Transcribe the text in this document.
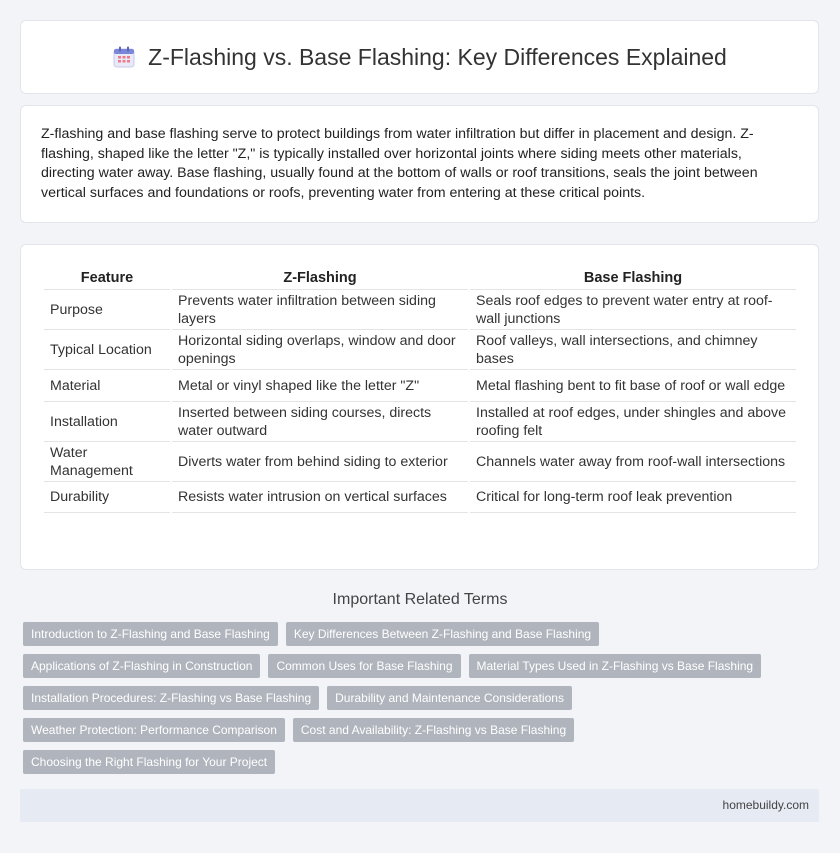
Z-Flashing vs. Base Flashing: Key Differences Explained

Z-flashing and base flashing serve to protect buildings from water infiltration but differ in placement and design. Z-flashing, shaped like the letter "Z," is typically installed over horizontal joints where siding meets other materials, directing water away. Base flashing, usually found at the bottom of walls or roof transitions, seals the joint between vertical surfaces and foundations or roofs, preventing water from entering at these critical points.

Feature	Z-Flashing	Base Flashing
Purpose	Prevents water infiltration between siding layers	Seals roof edges to prevent water entry at roof-wall junctions
Typical Location	Horizontal siding overlaps, window and door openings	Roof valleys, wall intersections, and chimney bases
Material	Metal or vinyl shaped like the letter "Z"	Metal flashing bent to fit base of roof or wall edge
Installation	Inserted between siding courses, directs water outward	Installed at roof edges, under shingles and above roofing felt
Water Management	Diverts water from behind siding to exterior	Channels water away from roof-wall intersections
Durability	Resists water intrusion on vertical surfaces	Critical for long-term roof leak prevention
Important Related Terms
Introduction to Z-Flashing and Base Flashing	Key Differences Between Z-Flashing and Base Flashing
Applications of Z-Flashing in Construction	Common Uses for Base Flashing	Material Types Used in Z-Flashing vs Base Flashing
Installation Procedures: Z-Flashing vs Base Flashing	Durability and Maintenance Considerations
Weather Protection: Performance Comparison	Cost and Availability: Z-Flashing vs Base Flashing
Choosing the Right Flashing for Your Project
homebuildy.com
